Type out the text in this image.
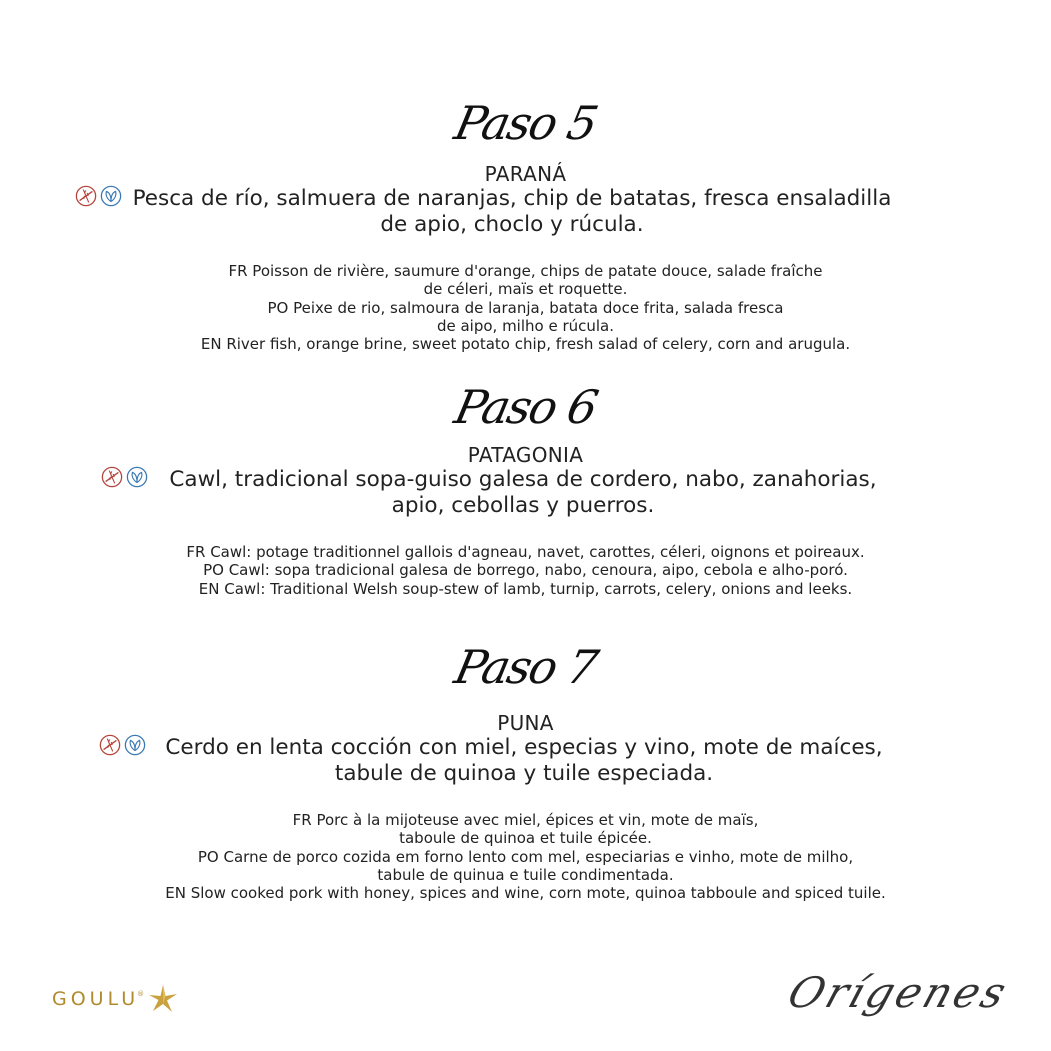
Paso 5
PARANÁ
Pesca de río, salmuera de naranjas, chip de batatas, fresca ensaladilla
de apio, choclo y rúcula.
FR Poisson de rivière, saumure d'orange, chips de patate douce, salade fraîche
de céleri, maïs et roquette.
PO Peixe de rio, salmoura de laranja, batata doce frita, salada fresca
de aipo, milho e rúcula.
EN River fish, orange brine, sweet potato chip, fresh salad of celery, corn and arugula.
Paso 6
PATAGONIA
Cawl, tradicional sopa-guiso galesa de cordero, nabo, zanahorias,
apio, cebollas y puerros.
FR Cawl: potage traditionnel gallois d'agneau, navet, carottes, céleri, oignons et poireaux.
PO Cawl: sopa tradicional galesa de borrego, nabo, cenoura, aipo, cebola e alho-poró.
EN Cawl: Traditional Welsh soup-stew of lamb, turnip, carrots, celery, onions and leeks.
Paso 7
PUNA
Cerdo en lenta cocción con miel, especias y vino, mote de maíces,
tabule de quinoa y tuile especiada.
FR Porc à la mijoteuse avec miel, épices et vin, mote de maïs,
taboule de quinoa et tuile épicée.
PO Carne de porco cozida em forno lento com mel, especiarias e vinho, mote de milho,
tabule de quinua e tuile condimentada.
EN Slow cooked pork with honey, spices and wine, corn mote, quinoa tabboule and spiced tuile.
GOULU
®	Orígenes
